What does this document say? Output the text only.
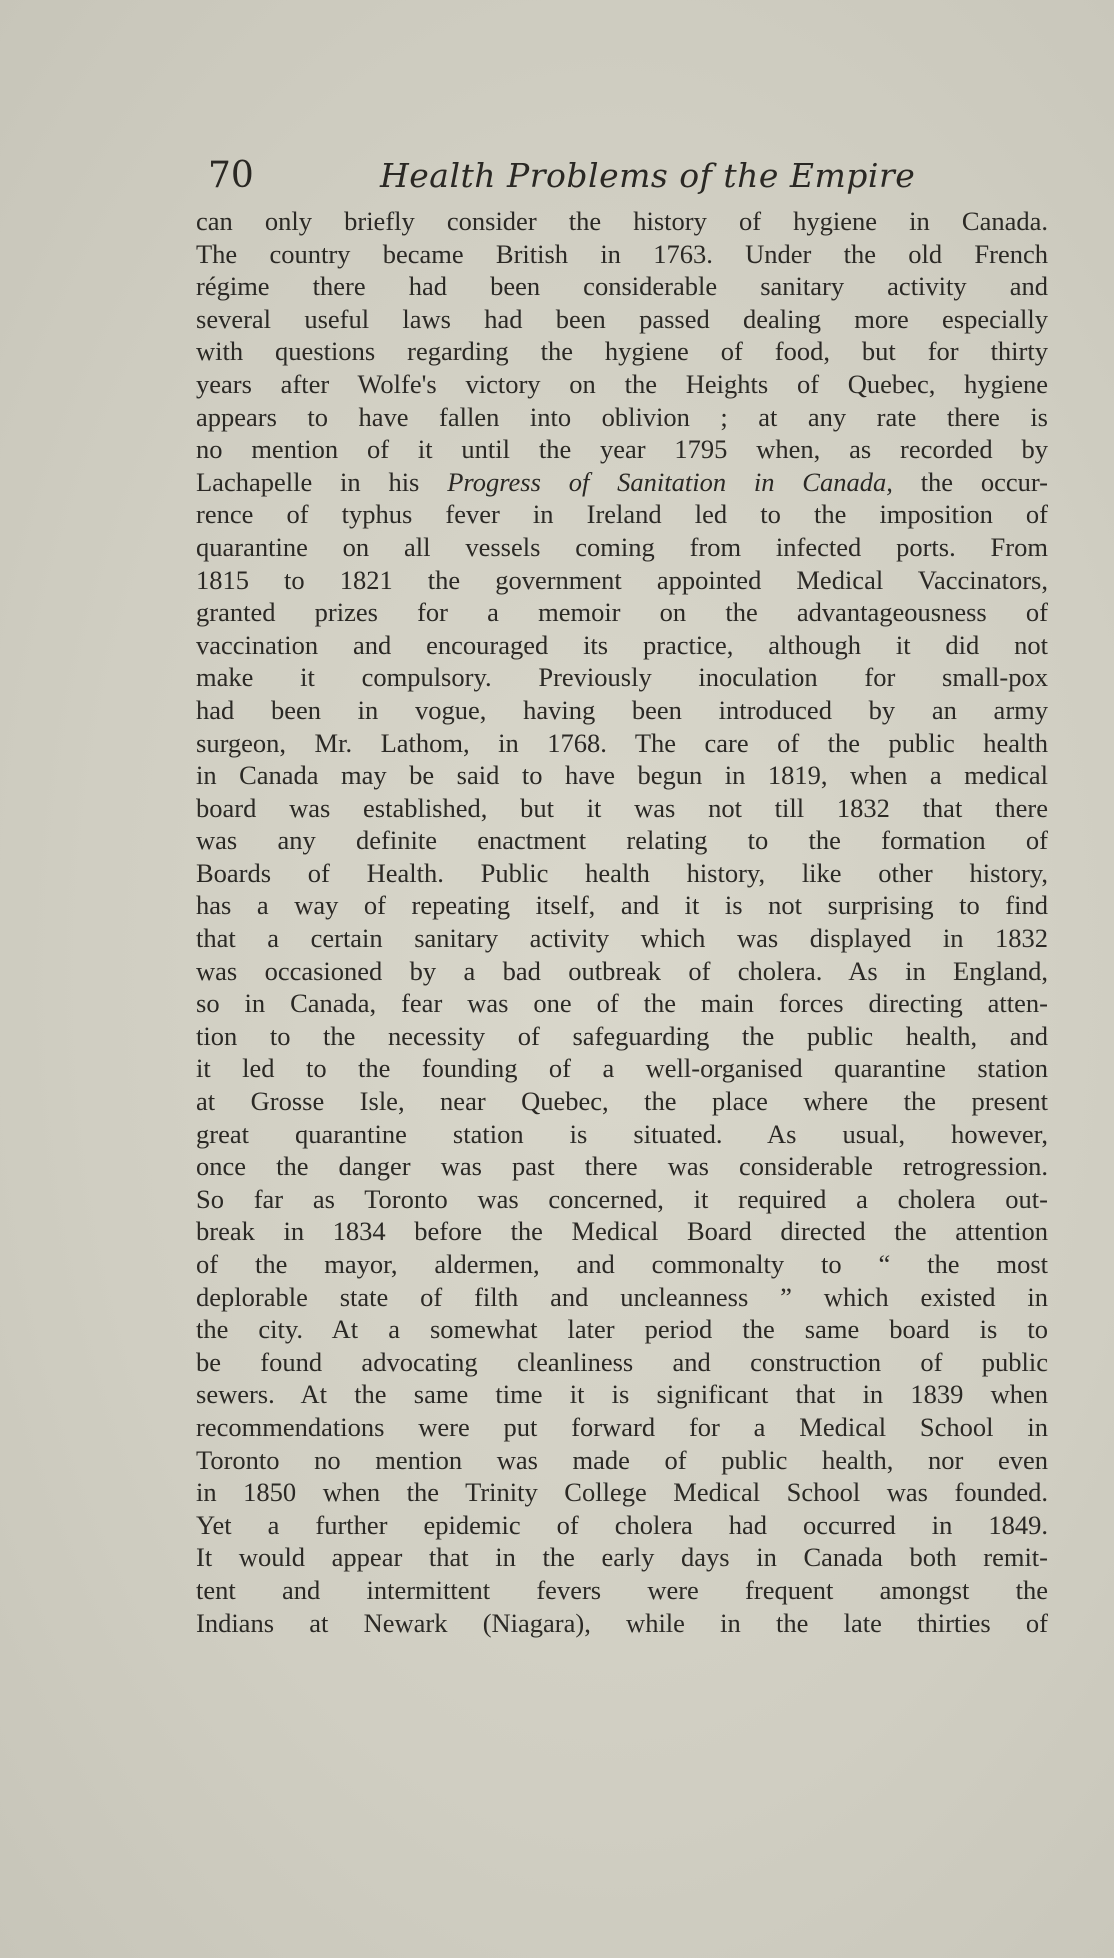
70	Health Problems of the Empire
can only briefly consider the history of hygiene in Canada.
The country became British in 1763. Under the old French
régime there had been considerable sanitary activity and
several useful laws had been passed dealing more especially
with questions regarding the hygiene of food, but for thirty
years after Wolfe's victory on the Heights of Quebec, hygiene
appears to have fallen into oblivion ; at any rate there is
no mention of it until the year 1795 when, as recorded by
Lachapelle in his Progress of Sanitation in Canada, the occur-
rence of typhus fever in Ireland led to the imposition of
quarantine on all vessels coming from infected ports. From
1815 to 1821 the government appointed Medical Vaccinators,
granted prizes for a memoir on the advantageousness of
vaccination and encouraged its practice, although it did not
make it compulsory. Previously inoculation for small-pox
had been in vogue, having been introduced by an army
surgeon, Mr. Lathom, in 1768. The care of the public health
in Canada may be said to have begun in 1819, when a medical
board was established, but it was not till 1832 that there
was any definite enactment relating to the formation of
Boards of Health. Public health history, like other history,
has a way of repeating itself, and it is not surprising to find
that a certain sanitary activity which was displayed in 1832
was occasioned by a bad outbreak of cholera. As in England,
so in Canada, fear was one of the main forces directing atten-
tion to the necessity of safeguarding the public health, and
it led to the founding of a well-organised quarantine station
at Grosse Isle, near Quebec, the place where the present
great quarantine station is situated. As usual, however,
once the danger was past there was considerable retrogression.
So far as Toronto was concerned, it required a cholera out-
break in 1834 before the Medical Board directed the attention
of the mayor, aldermen, and commonalty to “ the most
deplorable state of filth and uncleanness ” which existed in
the city. At a somewhat later period the same board is to
be found advocating cleanliness and construction of public
sewers. At the same time it is significant that in 1839 when
recommendations were put forward for a Medical School in
Toronto no mention was made of public health, nor even
in 1850 when the Trinity College Medical School was founded.
Yet a further epidemic of cholera had occurred in 1849.
It would appear that in the early days in Canada both remit-
tent and intermittent fevers were frequent amongst the
Indians at Newark (Niagara), while in the late thirties of
